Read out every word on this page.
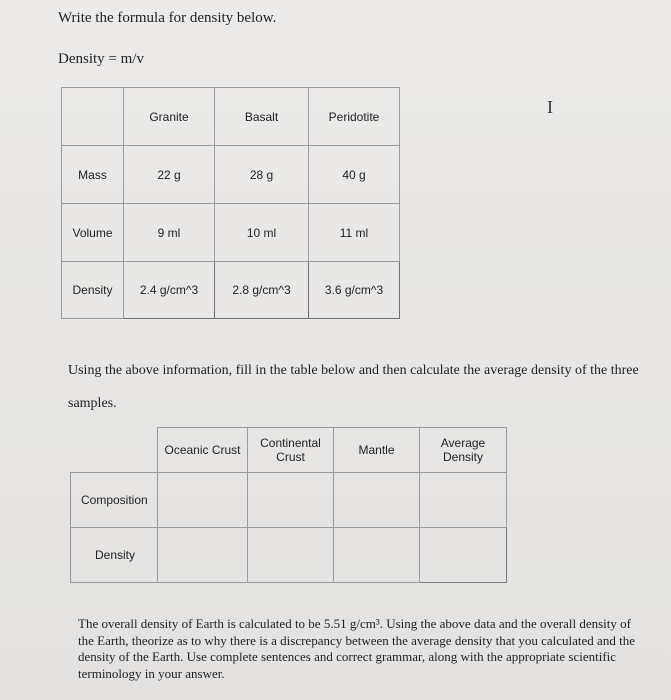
Write the formula for density below.
Density = m/v
I
	Granite	Basalt	Peridotite
Mass	22 g	28 g	40 g
Volume	9 ml	10 ml	11 ml
Density	2.4 g/cm^3	2.8 g/cm^3	3.6 g/cm^3
Using the above information, fill in the table below and then calculate the average density of the three samples.
	Oceanic Crust	Continental Crust	Mantle	Average Density
Composition				
Density				
The overall density of Earth is calculated to be 5.51 g/cm³. Using the above data and the overall density of the Earth, theorize as to why there is a discrepancy between the average density that you calculated and the density of the Earth. Use complete sentences and correct grammar, along with the appropriate scientific terminology in your answer.
